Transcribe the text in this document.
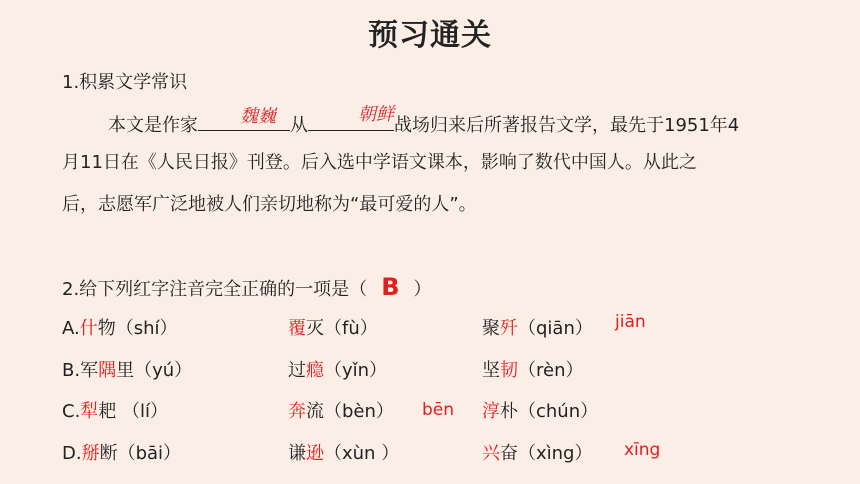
预习通关
1.积累文学常识
本文是作家	从	战场归来后所著报告文学，最先于1951年4
魏巍	朝鲜
月11日在《人民日报》刊登。后入选中学语文课本，影响了数代中国人。从此之
后，志愿军广泛地被人们亲切地称为“最可爱的人”。
2.给下列红字注音完全正确的一项是（ B ）
A.什物（shí）	覆灭（fù）	聚歼（qiān） jiān
B.军隅里（yú）	过瘾（yǐn）	坚韧（rèn）
C.犁耙 （lí）	奔流（bèn） bēn 淳朴（chún）
D.掰断（bāi）	谦逊（xùn ）	兴奋（xìng） xīng
